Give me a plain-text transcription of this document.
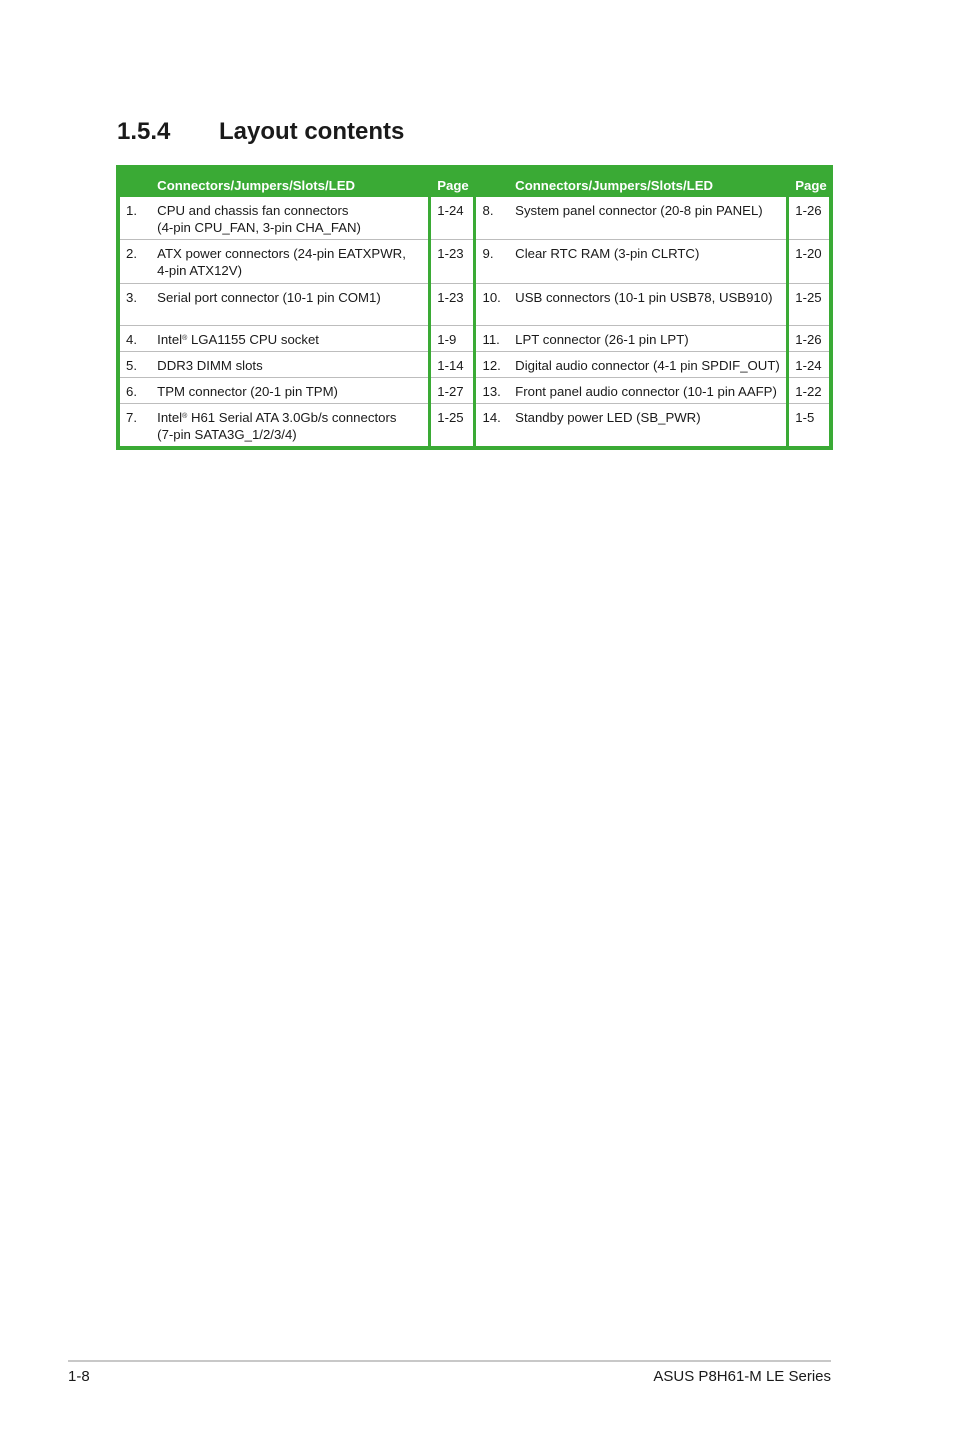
1.5.4 Layout contents
	Connectors/Jumpers/Slots/LED	Page		Connectors/Jumpers/Slots/LED	Page
1.	CPU and chassis fan connectors
(4-pin CPU_FAN, 3-pin CHA_FAN)	1-24	8.	System panel connector (20-8 pin PANEL)	1-26
2.	ATX power connectors (24-pin EATXPWR,
4-pin ATX12V)	1-23	9.	Clear RTC RAM (3-pin CLRTC)	1-20
3.	Serial port connector (10-1 pin COM1)	1-23	10.	USB connectors (10-1 pin USB78, USB910)	1-25
4.	Intel® LGA1155 CPU socket	1-9	11.	LPT connector (26-1 pin LPT)	1-26
5.	DDR3 DIMM slots	1-14	12.	Digital audio connector (4-1 pin SPDIF_OUT)	1-24
6.	TPM connector (20-1 pin TPM)	1-27	13.	Front panel audio connector (10-1 pin AAFP)	1-22
7.	Intel® H61 Serial ATA 3.0Gb/s connectors
(7-pin SATA3G_1/2/3/4)	1-25	14.	Standby power LED (SB_PWR)	1-5
1-8	ASUS P8H61-M LE Series
